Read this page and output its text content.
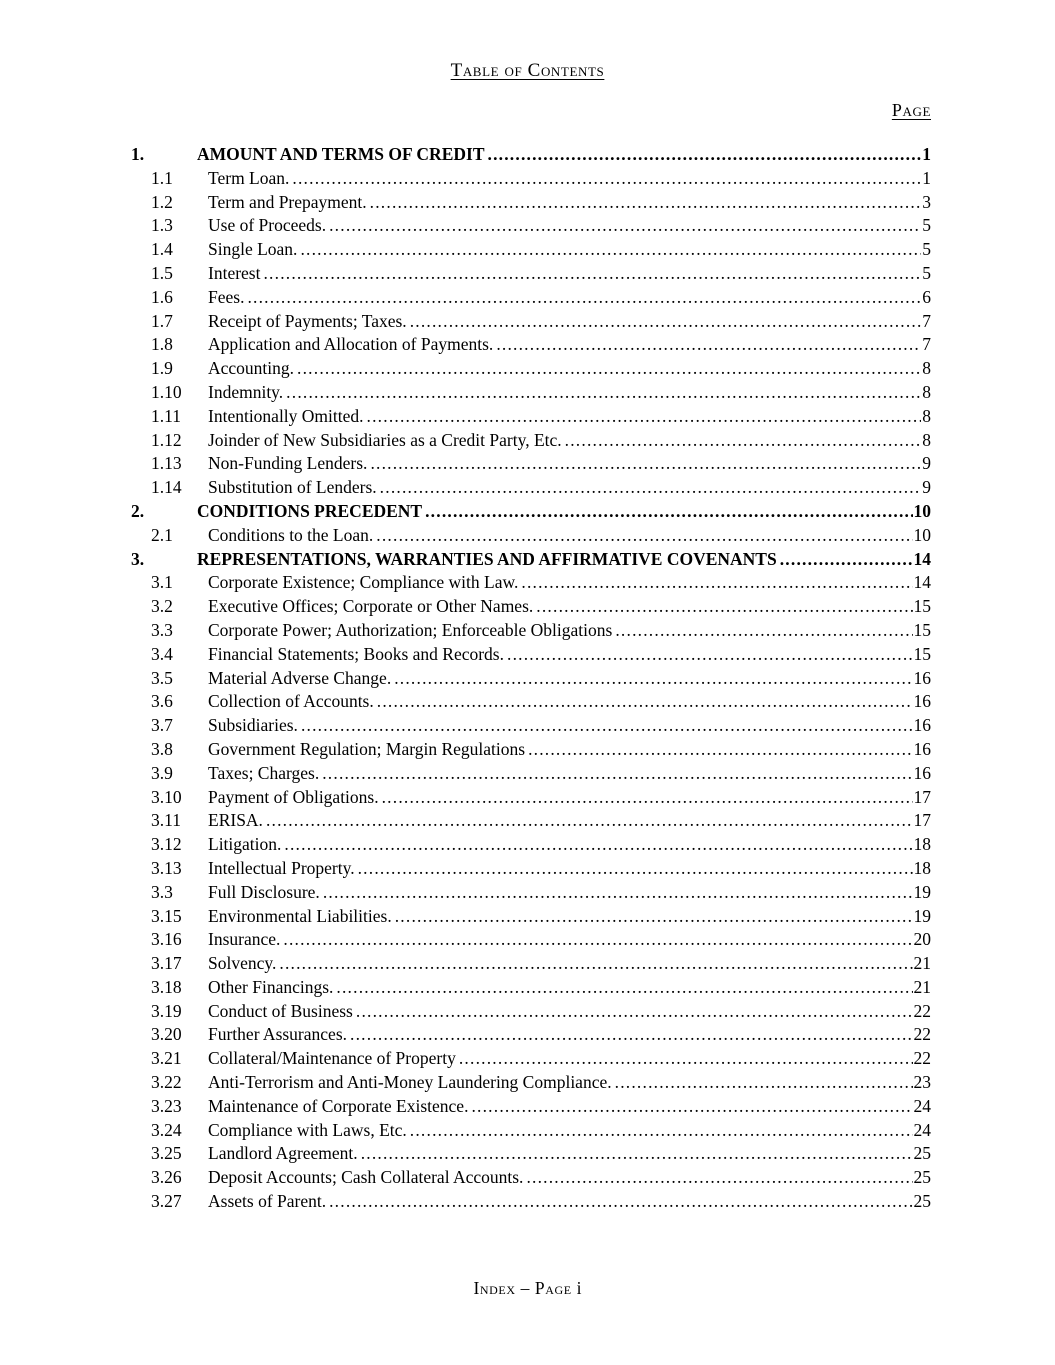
Table of Contents
Page
1.	AMOUNT AND TERMS OF CREDIT .....	1
1.1	Term Loan. .....	1
1.2	Term and Prepayment. .....	3
1.3	Use of Proceeds. .....	5
1.4	Single Loan. .....	5
1.5	Interest .....	5
1.6	Fees. .....	6
1.7	Receipt of Payments; Taxes. .....	7
1.8	Application and Allocation of Payments. .....	7
1.9	Accounting. .....	8
1.10	Indemnity. .....	8
1.11	Intentionally Omitted. .....	8
1.12	Joinder of New Subsidiaries as a Credit Party, Etc. .....	8
1.13	Non-Funding Lenders. .....	9
1.14	Substitution of Lenders. .....	9
2.	CONDITIONS PRECEDENT .....	10
2.1	Conditions to the Loan. .....	10
3.	REPRESENTATIONS, WARRANTIES AND AFFIRMATIVE COVENANTS .....	14
3.1	Corporate Existence; Compliance with Law. .....	14
3.2	Executive Offices; Corporate or Other Names. .....	15
3.3	Corporate Power; Authorization; Enforceable Obligations .....	15
3.4	Financial Statements; Books and Records. .....	15
3.5	Material Adverse Change. .....	16
3.6	Collection of Accounts. .....	16
3.7	Subsidiaries. .....	16
3.8	Government Regulation; Margin Regulations .....	16
3.9	Taxes; Charges. .....	16
3.10	Payment of Obligations. .....	17
3.11	ERISA. .....	17
3.12	Litigation. .....	18
3.13	Intellectual Property. .....	18
3.3	Full Disclosure. .....	19
3.15	Environmental Liabilities. .....	19
3.16	Insurance. .....	20
3.17	Solvency. .....	21
3.18	Other Financings. .....	21
3.19	Conduct of Business .....	22
3.20	Further Assurances. .....	22
3.21	Collateral/Maintenance of Property .....	22
3.22	Anti-Terrorism and Anti-Money Laundering Compliance. .....	23
3.23	Maintenance of Corporate Existence. .....	24
3.24	Compliance with Laws, Etc. .....	24
3.25	Landlord Agreement. .....	25
3.26	Deposit Accounts; Cash Collateral Accounts. .....	25
3.27	Assets of Parent. .....	25
Index – Page i
